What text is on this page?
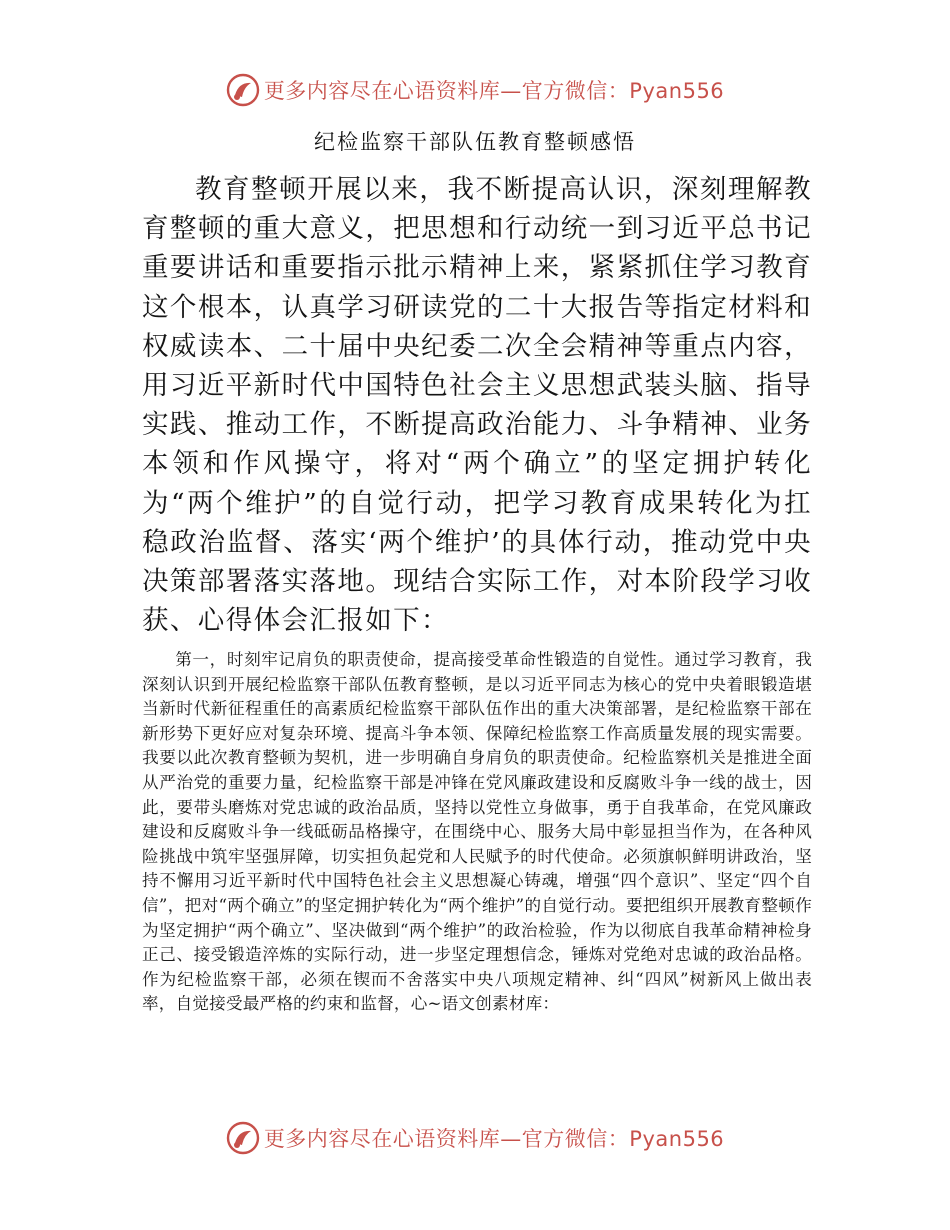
更多内容尽在心语资料库—官方微信：Pyan556
纪检监察干部队伍教育整顿感悟
教育整顿开展以来，我不断提高认识，深刻理解教育整顿的重大意义，把思想和行动统一到习近平总书记重要讲话和重要指示批示精神上来，紧紧抓住学习教育这个根本，认真学习研读党的二十大报告等指定材料和权威读本、二十届中央纪委二次全会精神等重点内容，用习近平新时代中国特色社会主义思想武装头脑、指导实践、推动工作，不断提高政治能力、斗争精神、业务本领和作风操守，将对“两个确立”的坚定拥护转化为“两个维护”的自觉行动，把学习教育成果转化为扛稳政治监督、落实‘两个维护’的具体行动，推动党中央决策部署落实落地。现结合实际工作，对本阶段学习收获、心得体会汇报如下：
第一，时刻牢记肩负的职责使命，提高接受革命性锻造的自觉性。通过学习教育，我深刻认识到开展纪检监察干部队伍教育整顿，是以习近平同志为核心的党中央着眼锻造堪当新时代新征程重任的高素质纪检监察干部队伍作出的重大决策部署，是纪检监察干部在新形势下更好应对复杂环境、提高斗争本领、保障纪检监察工作高质量发展的现实需要。我要以此次教育整顿为契机，进一步明确自身肩负的职责使命。纪检监察机关是推进全面从严治党的重要力量，纪检监察干部是冲锋在党风廉政建设和反腐败斗争一线的战士，因此，要带头磨炼对党忠诚的政治品质，坚持以党性立身做事，勇于自我革命，在党风廉政建设和反腐败斗争一线砥砺品格操守，在围绕中心、服务大局中彰显担当作为，在各种风险挑战中筑牢坚强屏障，切实担负起党和人民赋予的时代使命。必须旗帜鲜明讲政治，坚持不懈用习近平新时代中国特色社会主义思想凝心铸魂，增强“四个意识”、坚定“四个自信”，把对“两个确立”的坚定拥护转化为“两个维护”的自觉行动。要把组织开展教育整顿作为坚定拥护“两个确立”、坚决做到“两个维护”的政治检验，作为以彻底自我革命精神检身正己、接受锻造淬炼的实际行动，进一步坚定理想信念，锤炼对党绝对忠诚的政治品格。作为纪检监察干部，必须在锲而不舍落实中央八项规定精神、纠“四风”树新风上做出表率，自觉接受最严格的约束和监督，心~语文创素材库：
更多内容尽在心语资料库—官方微信：Pyan556
